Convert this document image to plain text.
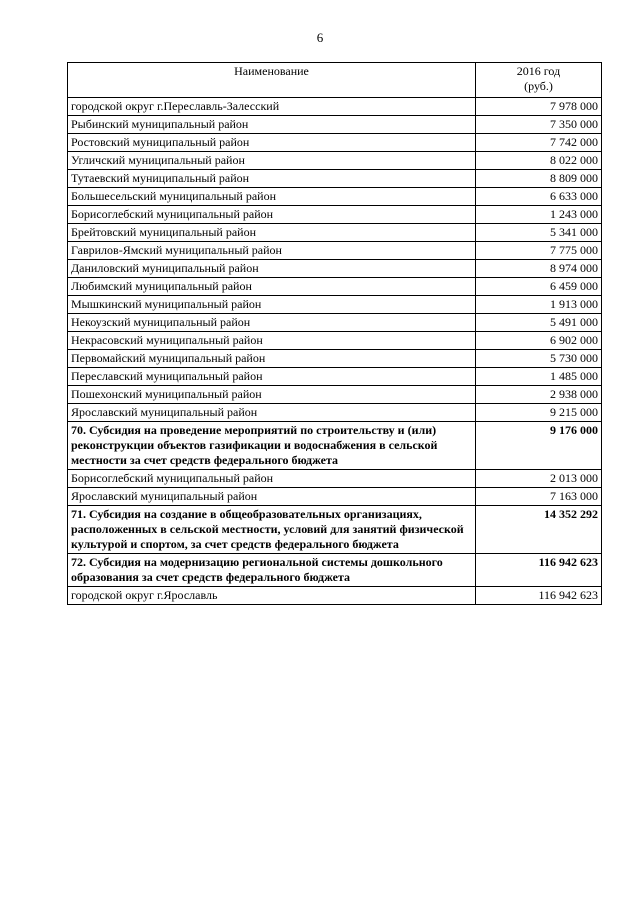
6
Наименование	2016 год
(руб.)
городской округ г.Переславль-Залесский	7 978 000
Рыбинский муниципальный район	7 350 000
Ростовский муниципальный район	7 742 000
Угличский муниципальный район	8 022 000
Тутаевский муниципальный район	8 809 000
Большесельский муниципальный район	6 633 000
Борисоглебский муниципальный район	1 243 000
Брейтовский муниципальный район	5 341 000
Гаврилов-Ямский муниципальный район	7 775 000
Даниловский муниципальный район	8 974 000
Любимский муниципальный район	6 459 000
Мышкинский муниципальный район	1 913 000
Некоузский муниципальный район	5 491 000
Некрасовский муниципальный район	6 902 000
Первомайский муниципальный район	5 730 000
Переславский муниципальный район	1 485 000
Пошехонский муниципальный район	2 938 000
Ярославский муниципальный район	9 215 000
70. Субсидия на проведение мероприятий по строительству и (или) реконструкции объектов газификации и водоснабжения в сельской местности за счет средств федерального бюджета	9 176 000
Борисоглебский муниципальный район	2 013 000
Ярославский муниципальный район	7 163 000
71. Субсидия на создание в общеобразовательных организациях, расположенных в сельской местности, условий для занятий физической культурой и спортом, за счет средств федерального бюджета	14 352 292
72. Субсидия на модернизацию региональной системы дошкольного образования за счет средств федерального бюджета	116 942 623
городской округ г.Ярославль	116 942 623
